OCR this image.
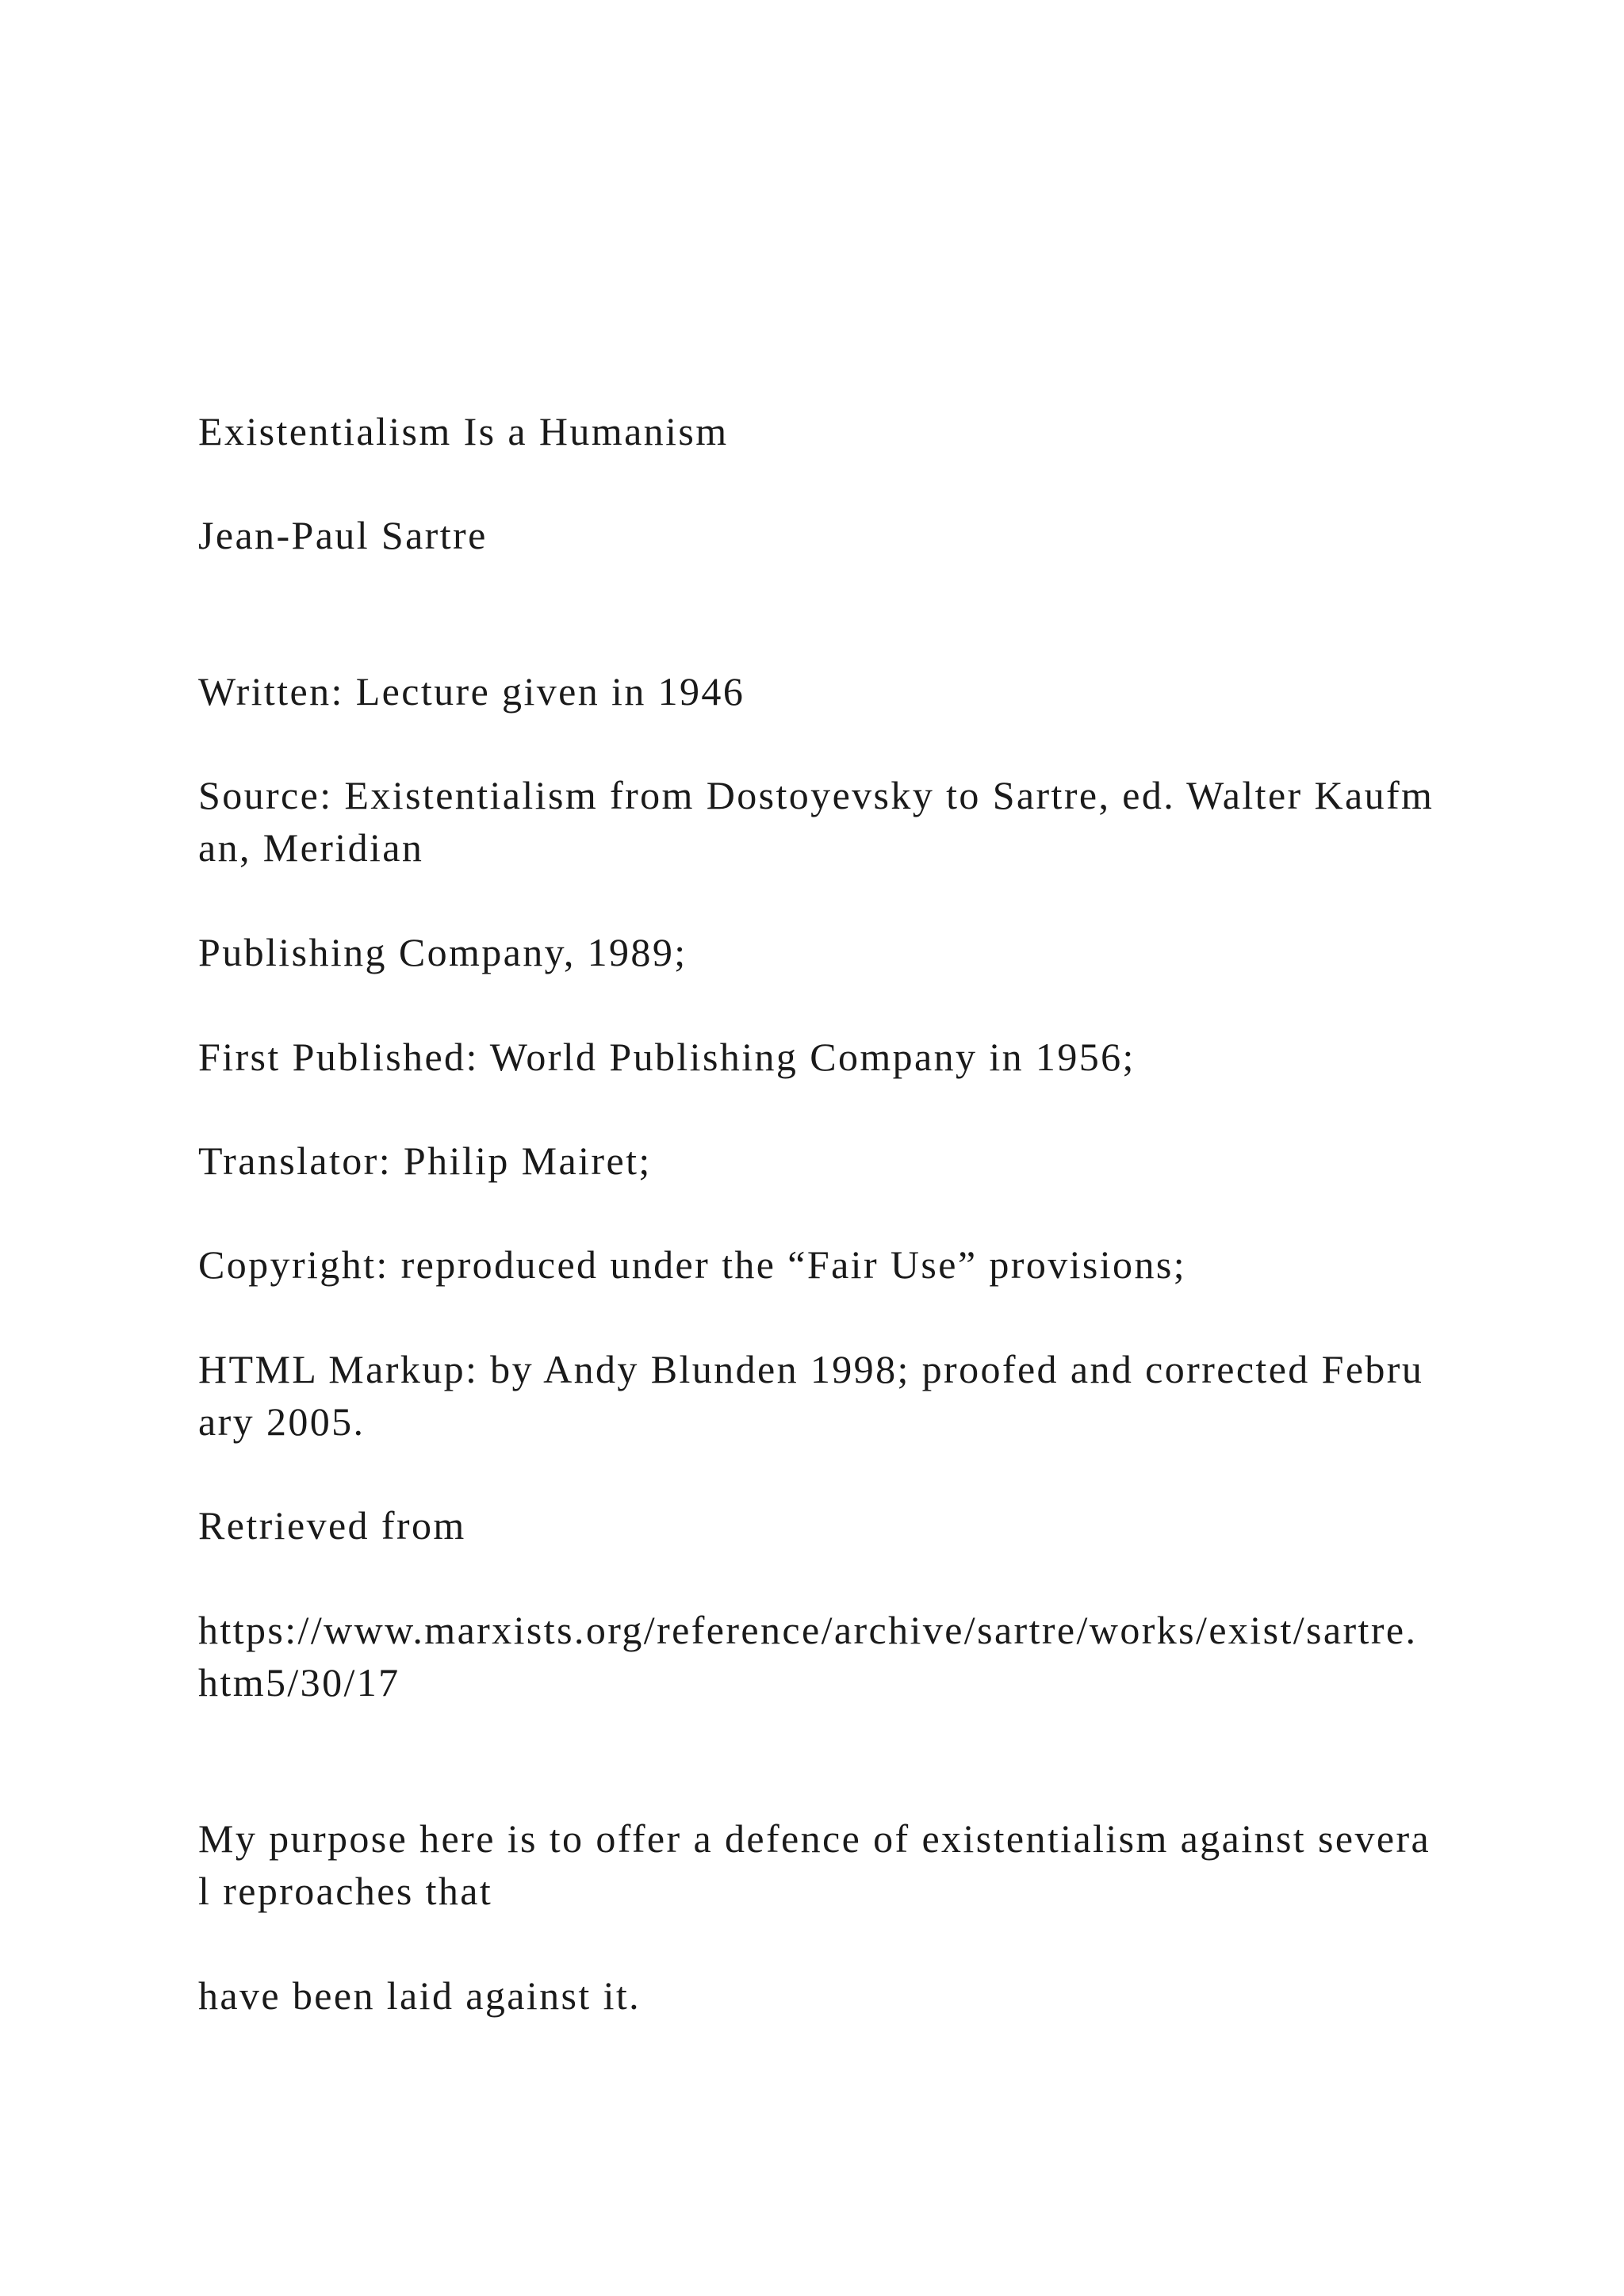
Existentialism Is a Humanism

Jean-Paul Sartre

Written: Lecture given in 1946

Source: Existentialism from Dostoyevsky to Sartre, ed. Walter Kaufman, Meridian

Publishing Company, 1989;

First Published: World Publishing Company in 1956;

Translator: Philip Mairet;

Copyright: reproduced under the “Fair Use” provisions;

HTML Markup: by Andy Blunden 1998; proofed and corrected February 2005.

Retrieved from

https://www.marxists.org/reference/archive/sartre/works/exist/sartre.htm5/30/17

My purpose here is to offer a defence of existentialism against several reproaches that

have been laid against it.
